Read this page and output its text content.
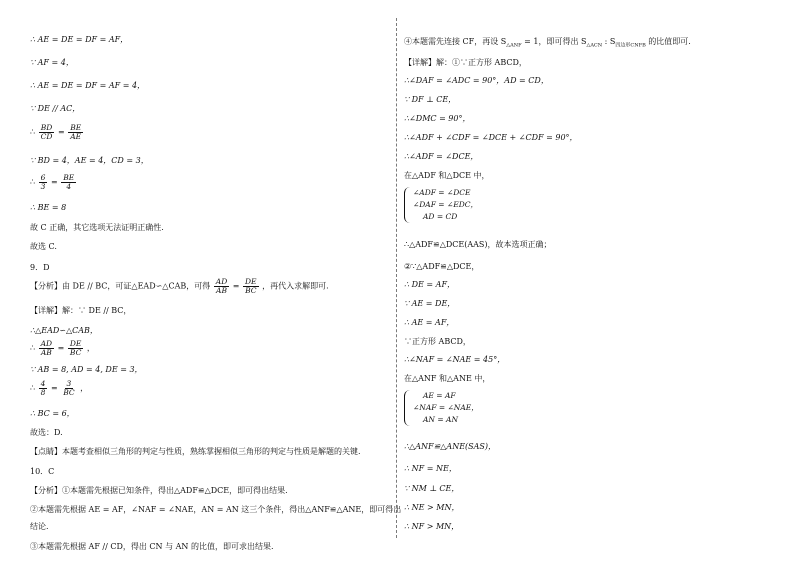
∴ AE = DE = DF = AF，
∵ AF = 4，
∴ AE = DE = DF = AF = 4，
∵ DE // AC，
∴ $\frac{BD}{CD} = \frac{BE}{AE}$
∵ BD = 4，AE = 4，CD = 3，
∴ $\frac{6}{3} = \frac{BE}{4}$
∴ BE = 8
故 C 正确，其它选项无法证明正确性.
故选 C.
9．D
【分析】由 DE // BC，可证△EAD∽△CAB，可得 $\frac{AD}{AB} = \frac{DE}{BC}$ ，再代入求解即可.
【详解】解：∵ DE // BC，
∴△EAD∽△CAB，
∴ $\frac{AD}{AB} = \frac{DE}{BC}$ ，
∵ AB = 8, AD = 4, DE = 3，
∴ $\frac{4}{8} = \frac{3}{BC}$ ，
∴ BC = 6，
故选：D.
【点睛】本题考查相似三角形的判定与性质，熟练掌握相似三角形的判定与性质是解题的关键.
10．C
【分析】①本题需先根据已知条件，得出△ADF≌△DCE，即可得出结果.
②本题需先根据 AE = AF，∠NAF = ∠NAE，AN = AN 这三个条件，得出△ANF≌△ANE，即可得出
结论.
③本题需先根据 AF // CD，得出 CN 与 AN 的比值，即可求出结果.
④本题需先连接 CF，再设 $S_{\triangle ANF} = 1$，即可得出 $S_{\triangle ACN}$ : $S_{四边形CNFB}$ 的比值即可.
【详解】解：①∵正方形 ABCD，
∴∠DAF = ∠ADC = 90°，AD = CD，
∵ DF ⊥ CE，
∴∠DMC = 90°，
∴∠ADF + ∠CDF = ∠DCE + ∠CDF = 90°，
∴∠ADF = ∠DCE，
在△ADF 和△DCE 中，
∠ADF = ∠DCE
∠DAF = ∠EDC，
AD = CD
∴△ADF≌△DCE(AAS)，故本选项正确；
②∵△ADF≌△DCE，
∴ DE = AF，
∵ AE = DE，
∴ AE = AF，
∵正方形 ABCD，
∴∠NAF = ∠NAE = 45°，
在△ANF 和△ANE 中，
AE = AF
∠NAF = ∠NAE，
AN = AN
∴△ANF≌△ANE(SAS)，
∴ NF = NE，
∵ NM ⊥ CE，
∴ NE > MN，
∴ NF > MN，
